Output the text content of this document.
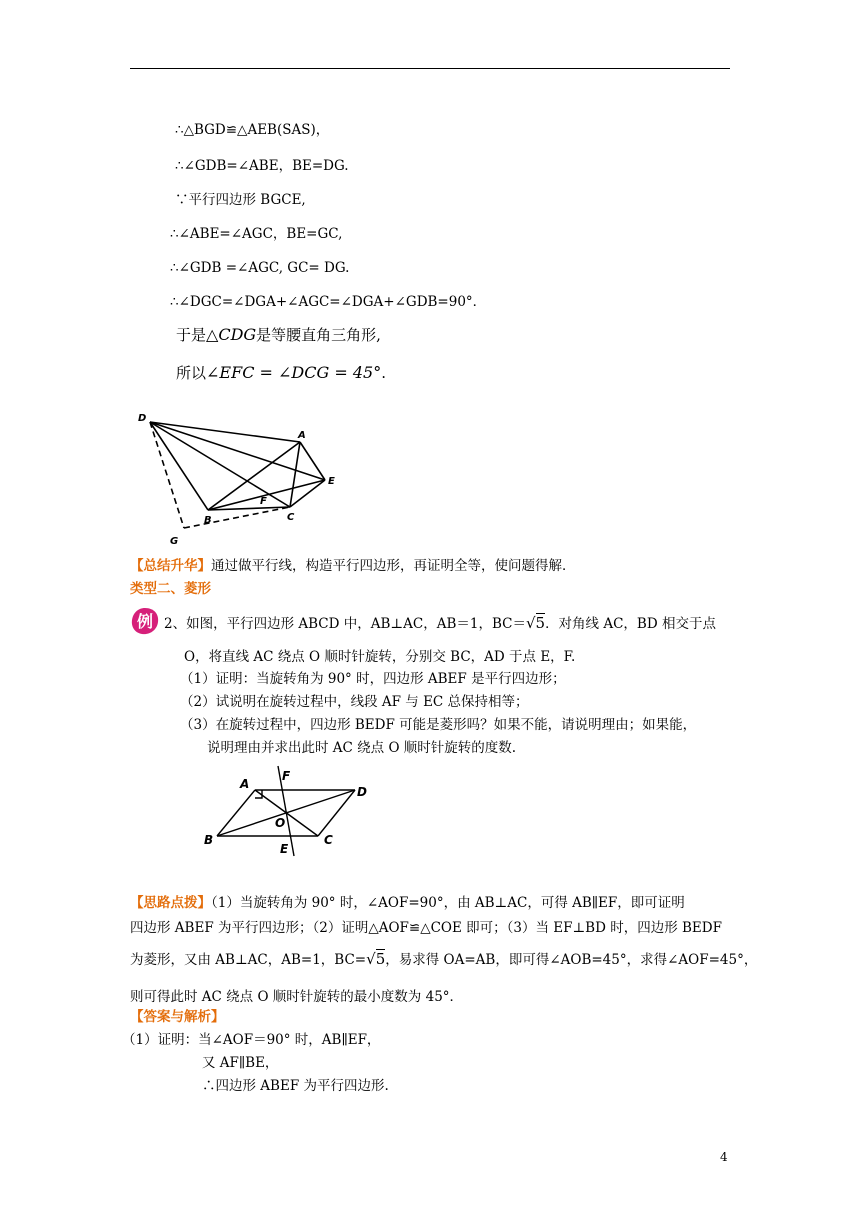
∴△BGD≌△AEB(SAS)，
∴∠GDB=∠ABE，BE=DG.
∵平行四边形 BGCE,
∴∠ABE=∠AGC，BE=GC,
∴∠GDB =∠AGC, GC= DG.
∴∠DGC=∠DGA+∠AGC=∠DGA+∠GDB=90°．
于是△CDG是等腰直角三角形,
所以∠EFC = ∠DCG = 45°.
D
A
E
F
B	C
G
【总结升华】通过做平行线，构造平行四边形，再证明全等，使问题得解．
类型二、菱形
例 2、如图，平行四边形 ABCD 中，AB⊥AC，AB＝1，BC＝√5．对角线 AC，BD 相交于点
O，将直线 AC 绕点 O 顺时针旋转，分别交 BC，AD 于点 E，F.
（1）证明：当旋转角为 90° 时，四边形 ABEF 是平行四边形；
（2）试说明在旋转过程中，线段 AF 与 EC 总保持相等；
（3）在旋转过程中，四边形 BEDF 可能是菱形吗？如果不能，请说明理由；如果能，
说明理由并求出此时 AC 绕点 O 顺时针旋转的度数.
A
F
D
O
B
E
C
【思路点拨】（1）当旋转角为 90° 时，∠AOF=90°，由 AB⊥AC，可得 AB∥EF，即可证明
四边形 ABEF 为平行四边形；（2）证明△AOF≌△COE 即可；（3）当 EF⊥BD 时，四边形 BEDF
为菱形，又由 AB⊥AC，AB=1，BC=√5，易求得 OA=AB，即可得∠AOB=45°，求得∠AOF=45°，
则可得此时 AC 绕点 O 顺时针旋转的最小度数为 45°．
【答案与解析】
（1）证明：当∠AOF＝90° 时，AB∥EF，
又 AF∥BE，
∴四边形 ABEF 为平行四边形.
4
